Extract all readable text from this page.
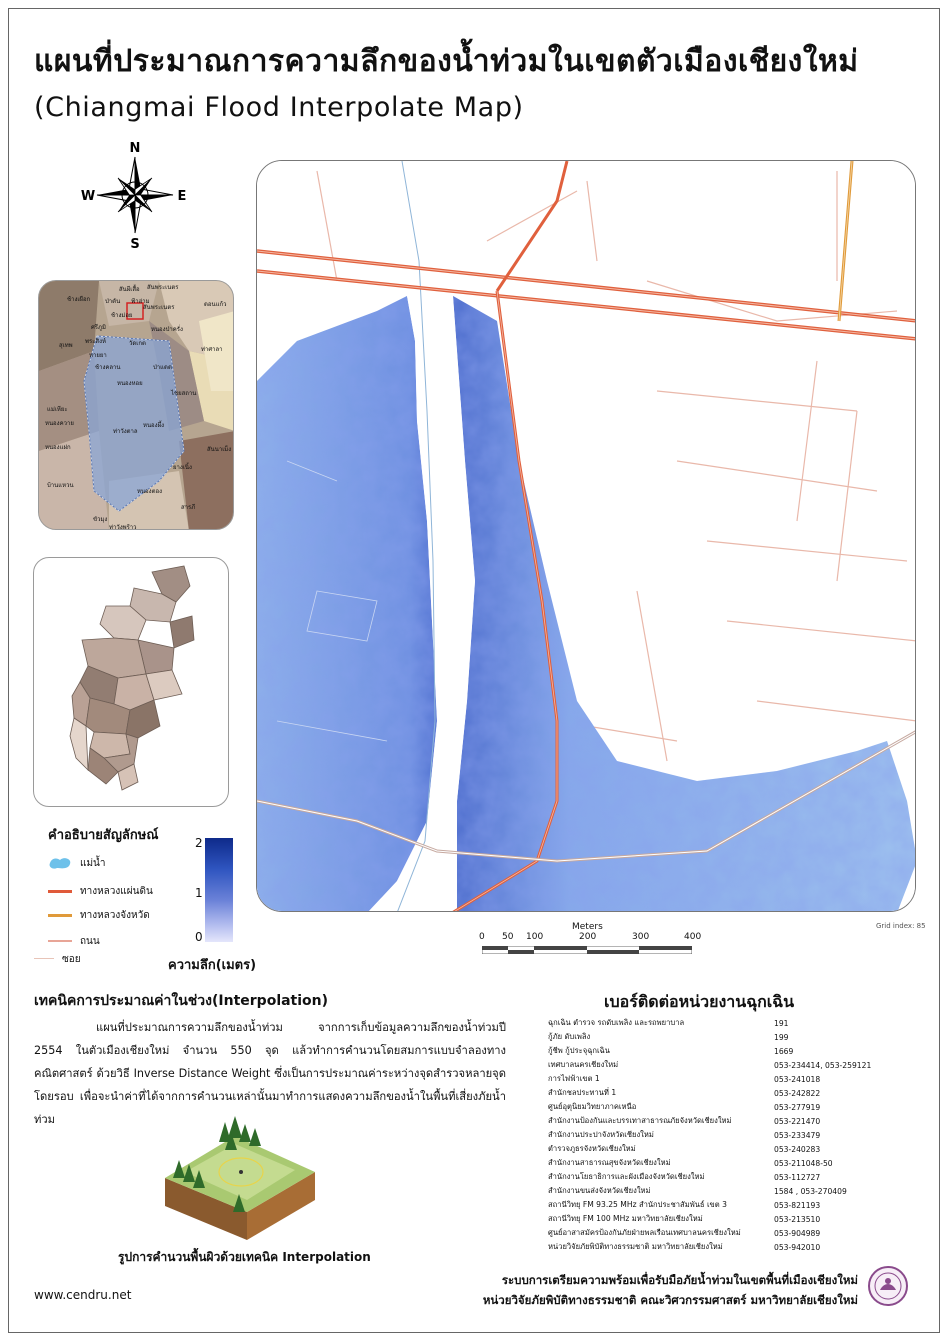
แผนที่ประมาณการความลึกของน้ำท่วมในเขตตัวเมืองเชียงใหม่
(Chiangmai Flood Interpolate Map)
N
S
E
W
ช้างเผือก
สันผีเสื้อ
ป่าตัน ฟ้าฮ่าม
สันพระเนตร
ดอนแก้ว
ศรีภูมิ
ช้างม่อย
สันพระเนตร
สุเทพ
พระสิงห์	วัดเกต
หนองป่าครั่ง
ท่าศาลา
หายยา
ช้างคลาน	ป่าแดด
หนองหอย
ไชยสถาน
แม่เหียะ
หนองควาย
ท่าวังตาล
หนองผึ้ง
ยางเนิ้ง
บ้านแหวน
หนองแฝก	สันนาเม็ง
สารภี
หนองตอง
ขัวมุง
ท่าวังพร้าว
คำอธิบายสัญลักษณ์
แม่น้ำ
ทางหลวงแผ่นดิน
ทางหลวงจังหวัด
ถนน
ซอย
2
1
0
ความลึก(เมตร)
Meters
0 50 100	200	300	400
Grid index: 85
เทคนิคการประมาณค่าในช่วง(Interpolation)

แผนที่ประมาณการความลึกของน้ำท่วม จากการเก็บข้อมูลความลึกของน้ำท่วมปี 2554 ในตัวเมืองเชียงใหม่ จำนวน 550 จุด แล้วทำการคำนวนโดยสมการแบบจำลองทางคณิตศาสตร์ ด้วยวิธี Inverse Distance Weight ซึ่งเป็นการประมาณค่าระหว่างจุดสำรวจหลายจุดโดยรอบ เพื่อจะนำค่าที่ได้จากการคำนวนเหล่านั้นมาทำการแสดงความลึกของน้ำในพื้นที่เสี่ยงภัยน้ำท่วม

รูปการคำนวนพื้นผิวด้วยเทคนิค Interpolation
เบอร์ติดต่อหน่วยงานฉุกเฉิน
ฉุกเฉิน ตำรวจ รถดับเพลิง และรถพยาบาล	191
กู้ภัย ดับเพลิง	199
กู้ชีพ กู้ประจุฉุกเฉิน	1669
เทศบาลนครเชียงใหม่	053-234414, 053-259121
การไฟฟ้าเขต 1	053-241018
สำนักชลประทานที่ 1	053-242822
ศูนย์อุตุนิยมวิทยาภาคเหนือ	053-277919
สำนักงานป้องกันและบรรเทาสาธารณภัยจังหวัดเชียงใหม่	053-221470
สำนักงานประปาจังหวัดเชียงใหม่	053-233479
ตำรวจภูธรจังหวัดเชียงใหม่	053-240283
สำนักงานสาธารณสุขจังหวัดเชียงใหม่	053-211048-50
สำนักงานโยธาธิการและผังเมืองจังหวัดเชียงใหม่	053-112727
สำนักงานขนส่งจังหวัดเชียงใหม่	1584 , 053-270409
สถานีวิทยุ FM 93.25 MHz สำนักประชาสัมพันธ์ เขต 3	053-821193
สถานีวิทยุ FM 100 MHz มหาวิทยาลัยเชียงใหม่	053-213510
ศูนย์อาสาสมัครป้องกันภัยฝ่ายพลเรือนเทศบาลนครเชียงใหม่	053-904989
หน่วยวิจัยภัยพิบัติทางธรรมชาติ มหาวิทยาลัยเชียงใหม่	053-942010
www.cendru.net
ระบบการเตรียมความพร้อมเพื่อรับมือภัยน้ำท่วมในเขตพื้นที่เมืองเชียงใหม่
หน่วยวิจัยภัยพิบัติทางธรรมชาติ คณะวิศวกรรมศาสตร์ มหาวิทยาลัยเชียงใหม่
